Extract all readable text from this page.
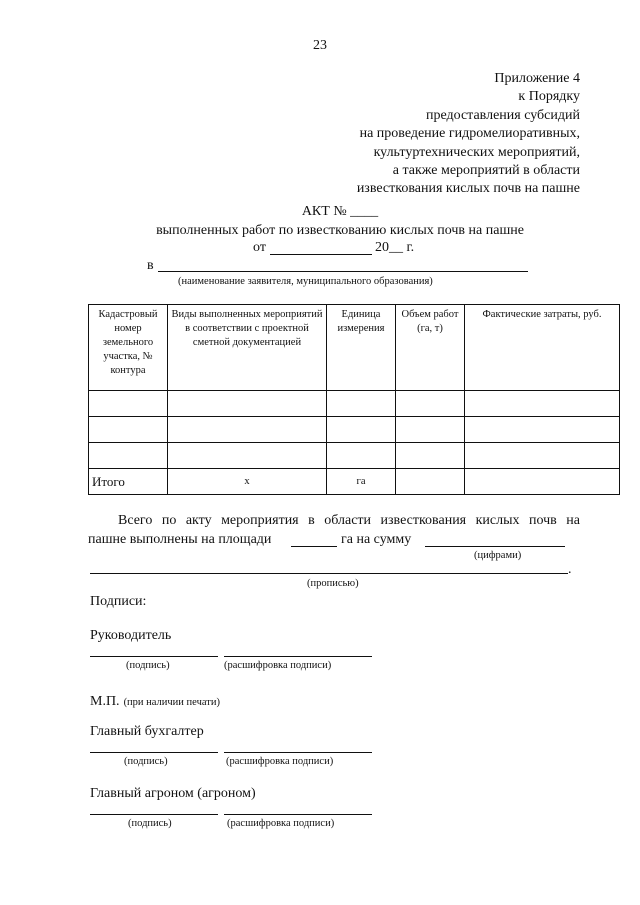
23
Приложение 4
к Порядку
предоставления субсидий
на проведение гидромелиоративных,
культуртехнических мероприятий,
а также мероприятий в области
известкования кислых почв на пашне
АКТ № ____
выполненных работ по известкованию кислых почв на пашне
от	20__ г.
в
(наименование заявителя, муниципального образования)
Кадастровый номер земельного участка, № контура	Виды выполненных мероприятий в соответствии с проектной сметной документацией	Единица измерения	Объем работ (га, т)	Фактические затраты, руб.

Итого	х	га		
Всего по акту мероприятия в области известкования кислых почв на
пашне выполнены на площади	га на сумму
(цифрами)
.
(прописью)
Подписи:
Руководитель
(подпись)	(расшифровка подписи)
М.П. (при наличии печати)
Главный бухгалтер
(подпись)	(расшифровка подписи)
Главный агроном (агроном)
(подпись)	(расшифровка подписи)
